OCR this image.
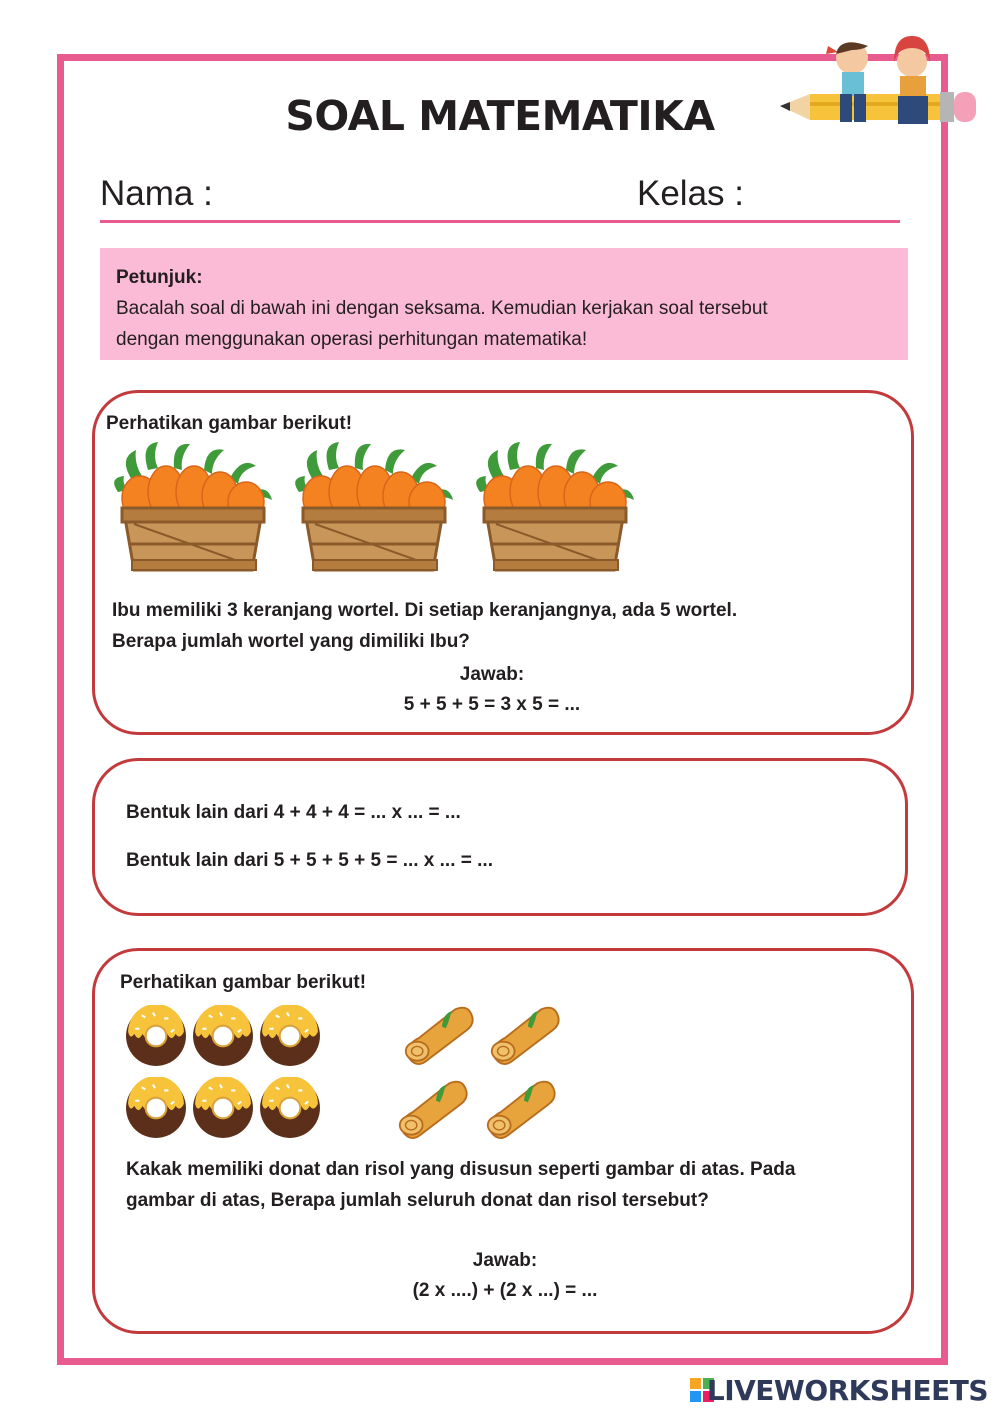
SOAL MATEMATIKA
Nama :	Kelas :
Petunjuk:
Bacalah soal di bawah ini dengan seksama. Kemudian kerjakan soal tersebut
dengan menggunakan operasi perhitungan matematika!
Perhatikan gambar berikut!
Ibu memiliki 3 keranjang wortel. Di setiap keranjangnya, ada 5 wortel.
Berapa jumlah wortel yang dimiliki Ibu?
Jawab:
5 + 5 + 5 = 3 x 5 = ...
Bentuk lain dari 4 + 4 + 4 = ... x ... = ...
Bentuk lain dari 5 + 5 + 5 + 5 = ... x ... = ...
Perhatikan gambar berikut!
Kakak memiliki donat dan risol yang disusun seperti gambar di atas. Pada
gambar di atas, Berapa jumlah seluruh donat dan risol tersebut?
Jawab:
(2 x ....) + (2 x ...) = ...
LIVEWORKSHEETS
